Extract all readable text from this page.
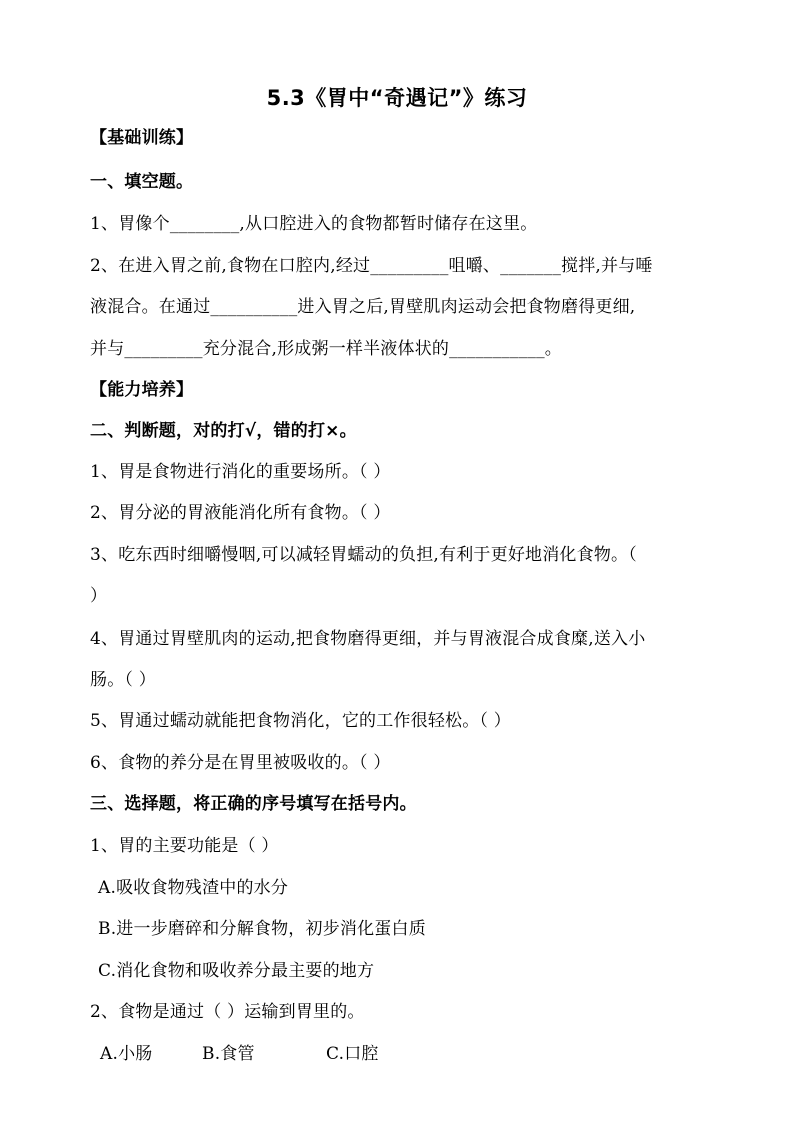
5.3《胃中“奇遇记”》练习
【基础训练】
一、填空题。
1、胃像个________,从口腔进入的食物都暂时储存在这里。
2、在进入胃之前,食物在口腔内,经过_________咀嚼、_______搅拌,并与唾
液混合。在通过__________进入胃之后,胃壁肌肉运动会把食物磨得更细,
并与_________充分混合,形成粥一样半液体状的___________。
【能力培养】
二、判断题，对的打√，错的打×。
1、胃是食物进行消化的重要场所。（ ）
2、胃分泌的胃液能消化所有食物。（ ）
3、吃东西时细嚼慢咽,可以减轻胃蠕动的负担,有利于更好地消化食物。（
）
4、胃通过胃壁肌肉的运动,把食物磨得更细，并与胃液混合成食糜,送入小
肠。（ ）
5、胃通过蠕动就能把食物消化，它的工作很轻松。（ ）
6、食物的养分是在胃里被吸收的。（ ）
三、选择题，将正确的序号填写在括号内。
1、胃的主要功能是（ ）
A.吸收食物残渣中的水分
B.进一步磨碎和分解食物，初步消化蛋白质
C.消化食物和吸收养分最主要的地方
2、食物是通过（ ）运输到胃里的。
A.小肠	B.食管	C.口腔
